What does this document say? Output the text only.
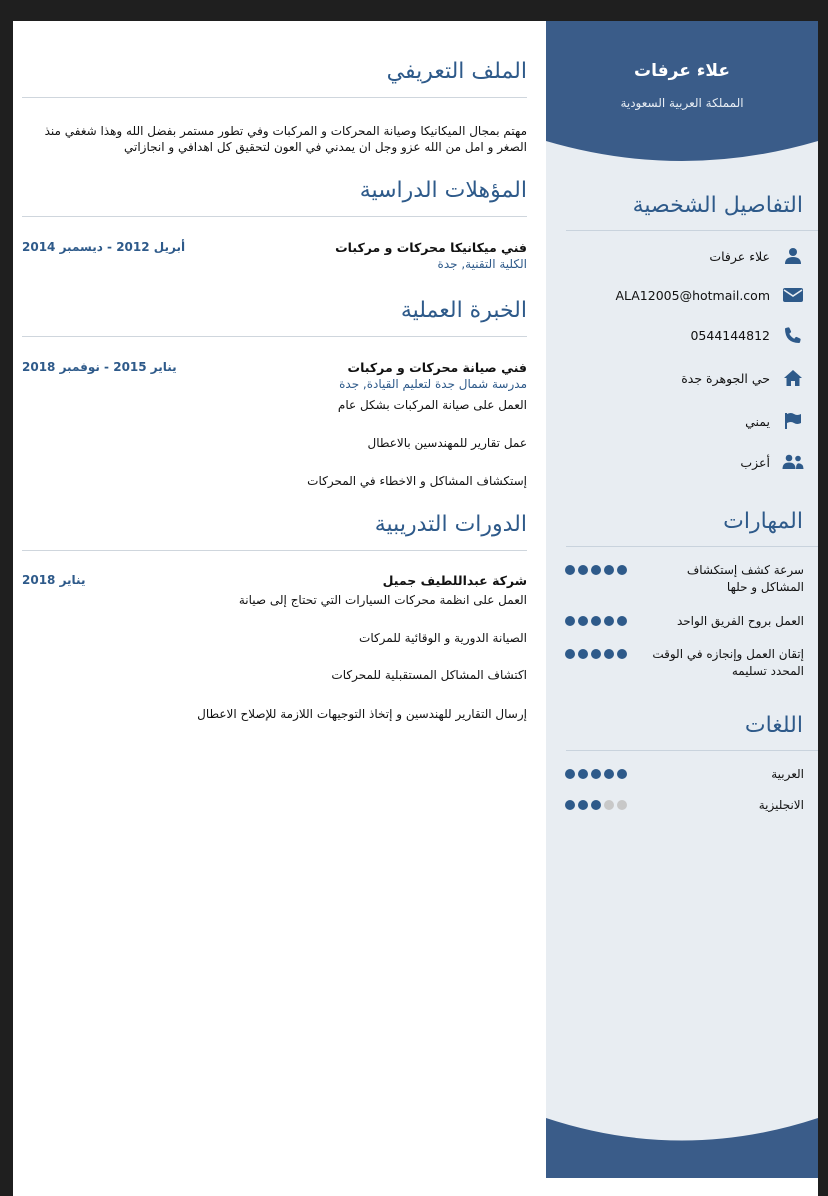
علاء عرفات
المملكة العربية السعودية
التفاصيل الشخصية
علاء عرفات
ALA12005@hotmail.com
0544144812
حي الجوهرة جدة
يمني
أعزب
المهارات
سرعة كشف إستكشاف المشاكل و حلها
العمل بروح الفريق الواحد
إتقان العمل وإنجازه في الوقت المحدد تسليمه
اللغات
العربية
الانجليزية
الملف التعريفي
مهتم بمجال الميكانيكا وصيانة المحركات و المركبات وفي تطور مستمر بفضل الله وهذا شغفي منذ الصغر و امل من الله عزو وجل ان يمدني في العون لتحقيق كل اهدافي و انجازاتي
المؤهلات الدراسية
فني ميكانيكا محركات و مركبات
الكلية التقنية, جدة
أبريل 2012 - ديسمبر 2014
الخبرة العملية
فني صيانة محركات و مركبات
مدرسة شمال جدة لتعليم القيادة, جدة
يناير 2015 - نوفمبر 2018
العمل على صيانة المركبات بشكل عام
عمل تقارير للمهندسين بالاعطال
إستكشاف المشاكل و الاخطاء في المحركات
الدورات التدريبية
شركة عبداللطيف جميل
يناير 2018
العمل على انظمة محركات السيارات التي تحتاج إلى صيانة
الصيانة الدورية و الوقائية للمركات
اكتشاف المشاكل المستقبلية للمحركات
إرسال التقارير للهندسين و إتخاذ التوجيهات اللازمة للإصلاح الاعطال
